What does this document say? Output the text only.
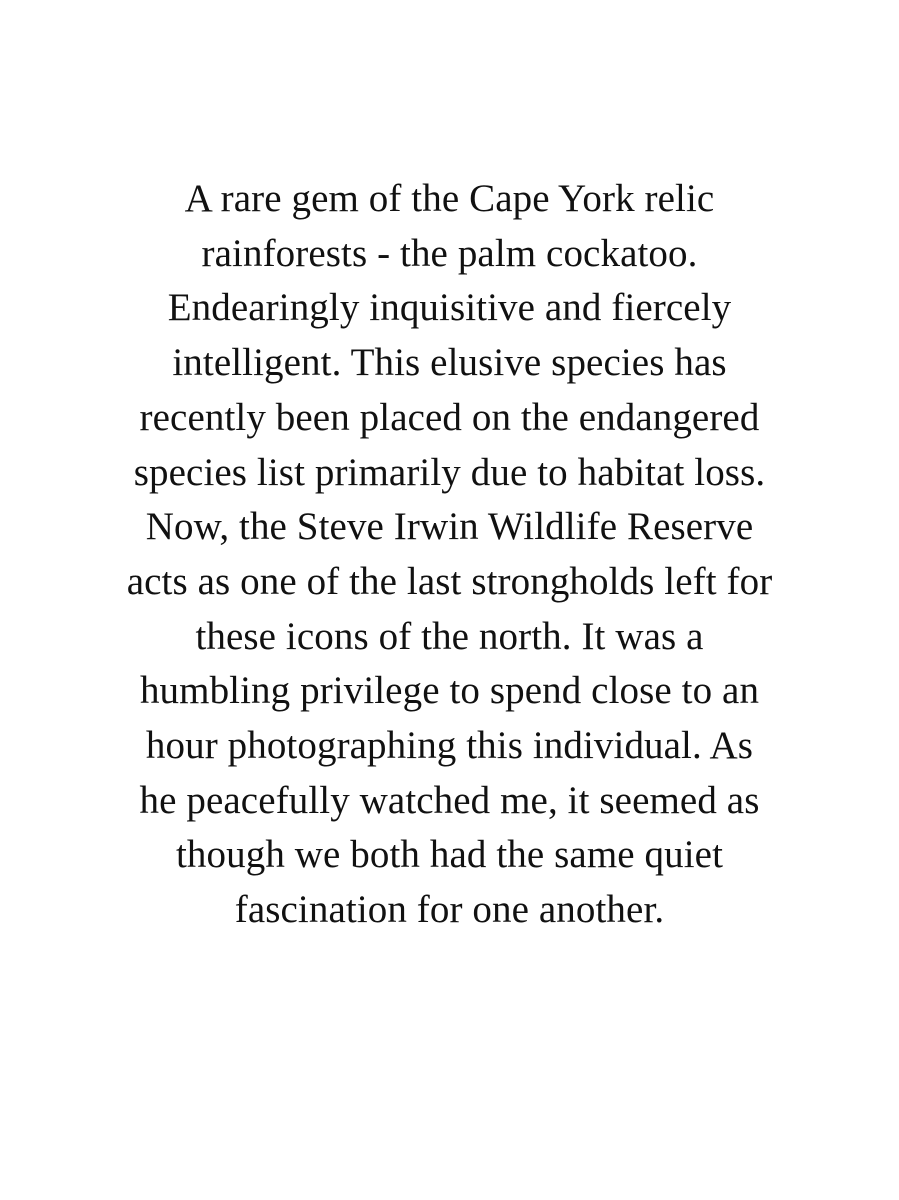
A rare gem of the Cape York relic
rainforests - the palm cockatoo.
Endearingly inquisitive and fiercely
intelligent. This elusive species has
recently been placed on the endangered
species list primarily due to habitat loss.
Now, the Steve Irwin Wildlife Reserve
acts as one of the last strongholds left for
these icons of the north. It was a
humbling privilege to spend close to an
hour photographing this individual. As
he peacefully watched me, it seemed as
though we both had the same quiet
fascination for one another.
